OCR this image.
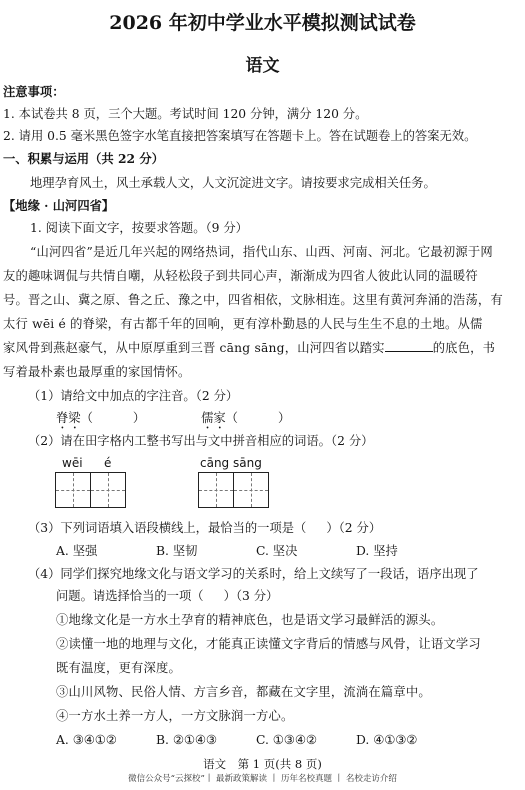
2026 年初中学业水平模拟测试试卷
语文
注意事项：
1. 本试卷共 8 页，三个大题。考试时间 120 分钟，满分 120 分。
2. 请用 0.5 毫米黑色签字水笔直接把答案填写在答题卡上。答在试题卷上的答案无效。
一、积累与运用（共 22 分）
地理孕育风土，风土承载人文，人文沉淀进文字。请按要求完成相关任务。
【地缘 · 山河四省】
1. 阅读下面文字，按要求答题。（9 分）
“山河四省”是近几年兴起的网络热词，指代山东、山西、河南、河北。它最初源于网
友的趣味调侃与共情自嘲，从轻松段子到共同心声，渐渐成为四省人彼此认同的温暖符
号。晋之山、冀之原、鲁之丘、豫之中，四省相依，文脉相连。这里有黄河奔涌的浩荡，有
太行 wēi é 的脊梁，有古都千年的回响，更有淳朴勤恳的人民与生生不息的土地。从儒
家风骨到燕赵豪气，从中原厚重到三晋 cāng sāng，山河四省以踏实	的底色，书
写着最朴素也最厚重的家国情怀。
（1）请给文中加点的字注音。（2 分）
脊梁（	）	儒家（	）
（2）请在田字格内工整书写出与文中拼音相应的词语。（2 分）
wēi é	cāng sāng
（3）下列词语填入语段横线上，最恰当的一项是（ ）（2 分）
A. 坚强	B. 坚韧	C. 坚决	D. 坚持
（4）同学们探究地缘文化与语文学习的关系时，给上文续写了一段话，语序出现了
问题。请选择恰当的一项（ ）（3 分）
①地缘文化是一方水土孕育的精神底色，也是语文学习最鲜活的源头。
②读懂一地的地理与文化，才能真正读懂文字背后的情感与风骨，让语文学习
既有温度，更有深度。
③山川风物、民俗人情、方言乡音，都藏在文字里，流淌在篇章中。
④一方水土养一方人，一方文脉润一方心。
A. ③④①②	B. ②①④③	C. ①③④②	D. ④①③②
语文　第 1 页(共 8 页)
微信公众号“云探校”丨 最新政策解读 丨 历年名校真题 丨 名校走访介绍
